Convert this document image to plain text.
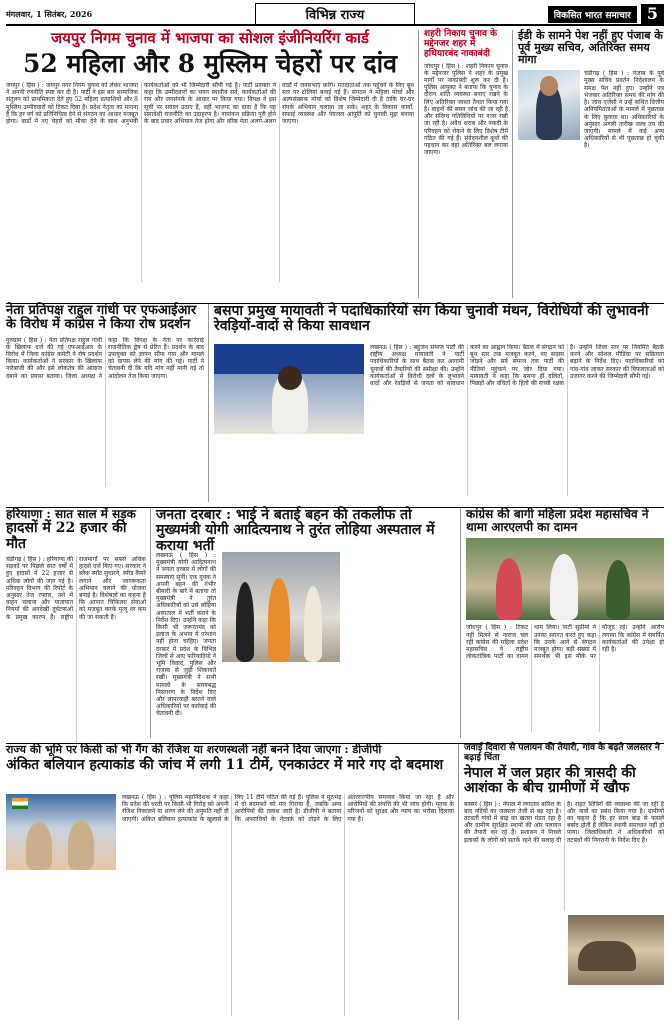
मंगलवार, 1 सितंबर, 2026	विभिन्न राज्य	विकसित भारत समाचार	5
जयपुर निगम चुनाव में भाजपा का सोशल इंजीनियरिंग कार्ड
52 महिला और 8 मुस्लिम चेहरों पर दांव
जयपुर ( हिंस ) : जयपुर नगर निगम चुनाव को लेकर भाजपा ने अपनी रणनीति स्पष्ट कर दी है। पार्टी ने इस बार सामाजिक संतुलन को प्राथमिकता देते हुए 52 महिला प्रत्याशियों और 8 मुस्लिम उम्मीदवारों को टिकट दिया है। प्रदेश नेतृत्व का मानना है कि हर वर्ग को प्रतिनिधित्व देने से संगठन का आधार मजबूत होगा। वार्डों में नए चेहरों को मौका देने के साथ अनुभवी कार्यकर्ताओं को भी जिम्मेदारी सौंपी गई है। पार्टी प्रवक्ता ने कहा कि उम्मीदवारों का चयन स्थानीय सर्वे, कार्यकर्ताओं की राय और जनसंपर्क के आधार पर किया गया। विपक्ष ने इस सूची पर सवाल उठाए हैं, वहीं भाजपा का दावा है कि यह समावेशी राजनीति का उदाहरण है। नामांकन प्रक्रिया पूरी होने के बाद प्रचार अभियान तेज होगा और वरिष्ठ नेता अलग-अलग वार्डों में जनसभाएं करेंगे। मतदाताओं तक पहुंचने के लिए बूथ स्तर पर टोलियां बनाई गई हैं। संगठन ने महिला मोर्चा और अल्पसंख्यक मोर्चा को विशेष जिम्मेदारी दी है ताकि घर-घर संपर्क अभियान चलाया जा सके। शहर के विकास कार्यों, सफाई व्यवस्था और पेयजल आपूर्ति को चुनावी मुद्दा बनाया जाएगा।
शहरी निकाय चुनाव के मद्देनजर शहर में हथियारबंद नाकाबंदी
जोधपुर ( हिंस ) : शहरी निकाय चुनाव के मद्देनजर पुलिस ने शहर के प्रमुख मार्गों पर नाकाबंदी शुरू कर दी है। पुलिस आयुक्त ने बताया कि चुनाव के दौरान शांति व्यवस्था बनाए रखने के लिए अतिरिक्त जाब्ता तैनात किया गया है। वाहनों की सघन जांच की जा रही है और संदिग्ध गतिविधियों पर नजर रखी जा रही है। अवैध शराब और नकदी के परिवहन को रोकने के लिए विशेष टीमें गठित की गई हैं। संवेदनशील बूथों की पहचान कर वहां अतिरिक्त बल लगाया जाएगा।
ईडी के सामने पेश नहीं हुए पंजाब के पूर्व मुख्य सचिव, अतिरिक्त समय मांगा
चंडीगढ़ ( हिंस ) : पंजाब के पूर्व मुख्य सचिव प्रवर्तन निदेशालय के समक्ष पेश नहीं हुए। उन्होंने पत्र भेजकर अतिरिक्त समय की मांग की है। जांच एजेंसी ने उन्हें कथित वित्तीय अनियमितताओं के मामले में पूछताछ के लिए बुलाया था। अधिकारियों के अनुसार अगली तारीख जल्द तय की जाएगी। मामले में कई अन्य अधिकारियों से भी पूछताछ हो चुकी है।
नेता प्रतिपक्ष राहुल गांधी पर एफआईआर के विरोध में कांग्रेस ने किया रोष प्रदर्शन
गुरुग्राम ( हिंस ) : नेता प्रतिपक्ष राहुल गांधी के खिलाफ दर्ज की गई एफआईआर के विरोध में जिला कांग्रेस कमेटी ने रोष प्रदर्शन किया। कार्यकर्ताओं ने सरकार के खिलाफ नारेबाजी की और इसे लोकतंत्र की आवाज दबाने का प्रयास बताया। जिला अध्यक्ष ने कहा कि विपक्ष के नेता पर कार्रवाई राजनीतिक द्वेष से प्रेरित है। प्रदर्शन के बाद उपायुक्त को ज्ञापन सौंपा गया और मामले को वापस लेने की मांग की गई। पार्टी ने चेतावनी दी कि यदि मांग नहीं मानी गई तो आंदोलन तेज किया जाएगा।
बसपा प्रमुख मायावती ने पदाधिकारियों संग किया चुनावी मंथन, विरोधियों की लुभावनी रेवड़ियों-वादों से किया सावधान
लखनऊ ( हिंस ) : बहुजन समाज पार्टी की राष्ट्रीय अध्यक्ष मायावती ने पार्टी पदाधिकारियों के साथ बैठक कर आगामी चुनावों की तैयारियों की समीक्षा की। उन्होंने कार्यकर्ताओं से विरोधी दलों के लुभावने वादों और रेवड़ियों से जनता को सावधान करने का आह्वान किया। बैठक में संगठन को बूथ स्तर तक मजबूत करने, नए सदस्य जोड़ने और सर्व समाज तक पार्टी की नीतियां पहुंचाने पर जोर दिया गया। मायावती ने कहा कि बसपा ही दलितों, पिछड़ों और वंचितों के हितों की सच्ची रक्षक है। उन्होंने जिला स्तर पर नियमित बैठकें करने और सोशल मीडिया पर सक्रियता बढ़ाने के निर्देश दिए। पदाधिकारियों को गांव-गांव जाकर सरकार की विफलताओं को उजागर करने की जिम्मेदारी सौंपी गई।
हरियाणा : सात साल में सड़क
हादसों में 22 हजार की मौत
चंडीगढ़ ( हिंस ) : हरियाणा की सड़कों पर पिछले सात वर्षों में हुए हादसों में 22 हजार से अधिक लोगों की जान गई है। परिवहन विभाग की रिपोर्ट के अनुसार तेज रफ्तार, नशे में वाहन चलाना और यातायात नियमों की अनदेखी दुर्घटनाओं के प्रमुख कारण हैं। राष्ट्रीय राजमार्गों पर सबसे अधिक हादसे दर्ज किए गए। सरकार ने ब्लैक स्पॉट सुधारने, स्पीड कैमरे लगाने और जागरूकता अभियान चलाने की योजना बनाई है। विशेषज्ञों का कहना है कि आपात चिकित्सा सेवाओं को मजबूत करके मृत्यु दर कम की जा सकती है।
जनता दरबार : भाई ने बताई बहन की तकलीफ तो मुख्यमंत्री योगी आदित्यनाथ ने तुरंत लोहिया अस्पताल में कराया भर्ती
लखनऊ ( हिंस ) : मुख्यमंत्री योगी आदित्यनाथ ने जनता दरबार में लोगों की समस्याएं सुनीं। एक युवक ने अपनी बहन की गंभीर बीमारी के बारे में बताया तो मुख्यमंत्री ने तुरंत अधिकारियों को उसे लोहिया अस्पताल में भर्ती कराने के निर्देश दिए। उन्होंने कहा कि किसी भी जरूरतमंद को इलाज के अभाव में परेशान नहीं होना चाहिए। जनता दरबार में प्रदेश के विभिन्न जिलों से आए फरियादियों ने भूमि विवाद, पुलिस और राजस्व से जुड़ी शिकायतें रखीं। मुख्यमंत्री ने सभी मामलों के समयबद्ध निस्तारण के निर्देश दिए और लापरवाही बरतने वाले अधिकारियों पर कार्रवाई की चेतावनी दी।
कांग्रेस की बागी महिला प्रदेश महासचिव ने थामा आरएलपी का दामन
जोधपुर ( हिंस ) : टिकट नहीं मिलने से नाराज चल रहीं कांग्रेस की महिला प्रदेश महासचिव ने राष्ट्रीय लोकतांत्रिक पार्टी का दामन थाम लिया। पार्टी सुप्रीमो ने उनका स्वागत करते हुए कहा कि उनके आने से संगठन मजबूत होगा। बड़ी संख्या में समर्थक भी इस मौके पर मौजूद रहे। उन्होंने आरोप लगाया कि कांग्रेस में समर्पित कार्यकर्ताओं की उपेक्षा हो रही है।
राज्य की भूमि पर किसी को भी गैंग की रंजिश या शरणस्थली नहीं बनने दिया जाएगा : डीजीपी
अंकित बलियान हत्याकांड की जांच में लगी 11 टीमें, एनकाउंटर में मारे गए दो बदमाश
लखनऊ ( हिंस ) : पुलिस महानिदेशक ने कहा कि प्रदेश की धरती पर किसी भी गिरोह को अपनी रंजिश निकालने या शरण लेने की अनुमति नहीं दी जाएगी। अंकित बलियान हत्याकांड के खुलासे के लिए 11 टीमें गठित की गई हैं। पुलिस ने मुठभेड़ में दो बदमाशों को मार गिराया है, जबकि अन्य आरोपियों की तलाश जारी है। डीजीपी ने बताया कि अपराधियों के नेटवर्क को तोड़ने के लिए अंतरराज्यीय समन्वय किया जा रहा है और आरोपियों की संपत्ति की भी जांच होगी। मृतक के परिजनों को सुरक्षा और न्याय का भरोसा दिलाया गया है।
जवाई दिवारा से पलायन की तैयारी, गांव के बढ़ते जलस्तर ने बढ़ाई चिंता
नेपाल में जल प्रहार की त्रासदी की आशंका के बीच ग्रामीणों में खौफ
बक्सर ( हिंस ) : नेपाल में लगातार बारिश के बाद नदियों का जलस्तर तेजी से बढ़ रहा है। तटवर्ती गांवों में बाढ़ का खतरा मंडरा रहा है और ग्रामीण सुरक्षित स्थानों की ओर पलायन की तैयारी कर रहे हैं। प्रशासन ने निचले इलाकों के लोगों को सतर्क रहने की सलाह दी है। राहत शिविरों की व्यवस्था की जा रही है और नावों का प्रबंध किया गया है। ग्रामीणों का कहना है कि हर साल बाढ़ से फसलें बर्बाद होती हैं लेकिन स्थायी समाधान नहीं हो पाया। जिलाधिकारी ने अधिकारियों को तटबंधों की निगरानी के निर्देश दिए हैं।
